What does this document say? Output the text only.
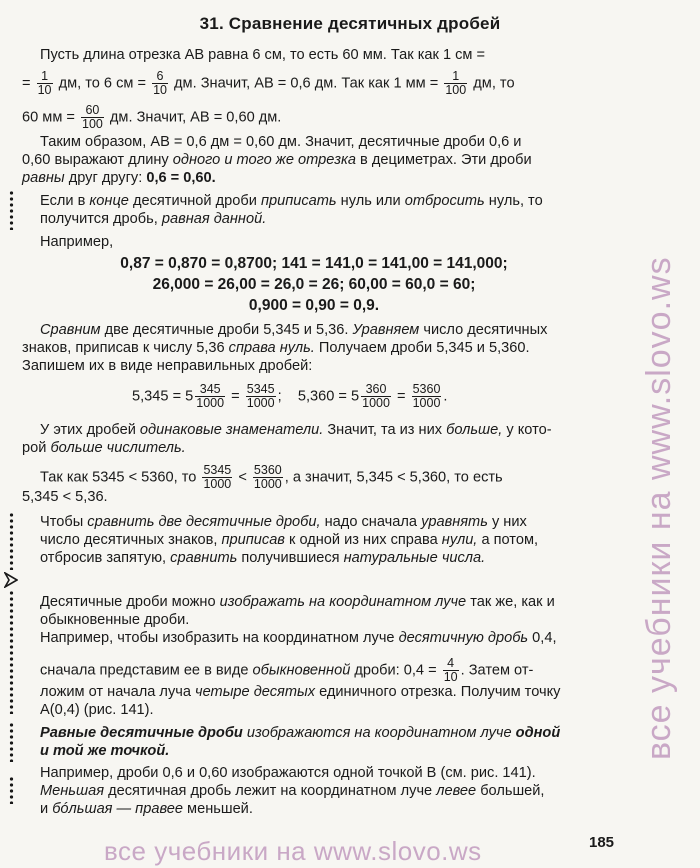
31. Сравнение десятичных дробей
Пусть длина отрезка AB равна 6 см, то есть 60 мм. Так как 1 см =
= $\frac{1}{10}$ дм, то 6 см = $\frac{6}{10}$ дм. Значит, AB = 0,6 дм. Так как 1 мм = $\frac{1}{100}$ дм, то
60 мм = $\frac{60}{100}$ дм. Значит, AB = 0,60 дм.
Таким образом, AB = 0,6 дм = 0,60 дм. Значит, десятичные дроби 0,6 и
0,60 выражают длину одного и того же отрезка в дециметрах. Эти дроби
равны друг другу: 0,6 = 0,60.
Если в конце десятичной дроби приписать нуль или отбросить нуль, то
получится дробь, равная данной.
Например,
0,87 = 0,870 = 0,8700; 141 = 141,0 = 141,00 = 141,000;
26,000 = 26,00 = 26,0 = 26; 60,00 = 60,0 = 60;
0,900 = 0,90 = 0,9.
Сравним две десятичные дроби 5,345 и 5,36. Уравняем число десятичных
знаков, приписав к числу 5,36 справа нуль. Получаем дроби 5,345 и 5,360.
Запишем их в виде неправильных дробей:
$5,345 = 5 \frac{345}{1000} = \frac{5345}{1000}$ ; $5,360 = 5 \frac{360}{1000} = \frac{5360}{1000}$ .
У этих дробей одинаковые знаменатели. Значит, та из них больше, у кото-
рой больше числитель.
Так как 5345 < 5360, то $\frac{5345}{1000} < \frac{5360}{1000}$ , а значит, 5,345 < 5,360, то есть
5,345 < 5,36.
Чтобы сравнить две десятичные дроби, надо сначала уравнять у них
число десятичных знаков, приписав к одной из них справа нули, а потом,
отбросив запятую, сравнить получившиеся натуральные числа.
Десятичные дроби можно изображать на координатном луче так же, как и
обыкновенные дроби.
Например, чтобы изобразить на координатном луче десятичную дробь 0,4,
сначала представим ее в виде обыкновенной дроби: $0,4 = \frac{4}{10}$ . Затем от-
ложим от начала луча четыре десятых единичного отрезка. Получим точку
A(0,4) (рис. 141).
Равные десятичные дроби изображаются на координатном луче одной
и той же точкой.
Например, дроби 0,6 и 0,60 изображаются одной точкой B (см. рис. 141).
Меньшая десятичная дробь лежит на координатном луче левее большей,
и бóльшая — правее меньшей.
все учебники на www.slovo.ws
все учебники на www.slovo.ws	185
